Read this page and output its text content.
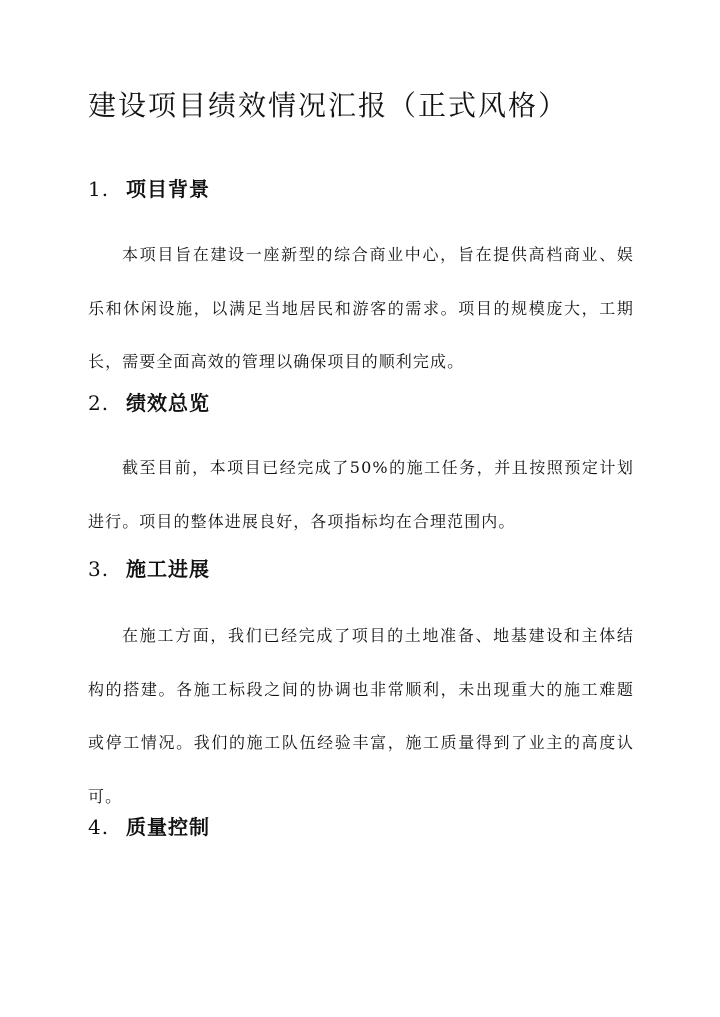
建设项目绩效情况汇报（正式风格）
1. 项目背景

本项目旨在建设一座新型的综合商业中心，旨在提供高档商业、娱乐和休闲设施，以满足当地居民和游客的需求。项目的规模庞大，工期长，需要全面高效的管理以确保项目的顺利完成。

2. 绩效总览

截至目前，本项目已经完成了50%的施工任务，并且按照预定计划进行。项目的整体进展良好，各项指标均在合理范围内。

3. 施工进展

在施工方面，我们已经完成了项目的土地准备、地基建设和主体结构的搭建。各施工标段之间的协调也非常顺利，未出现重大的施工难题或停工情况。我们的施工队伍经验丰富，施工质量得到了业主的高度认可。

4. 质量控制
